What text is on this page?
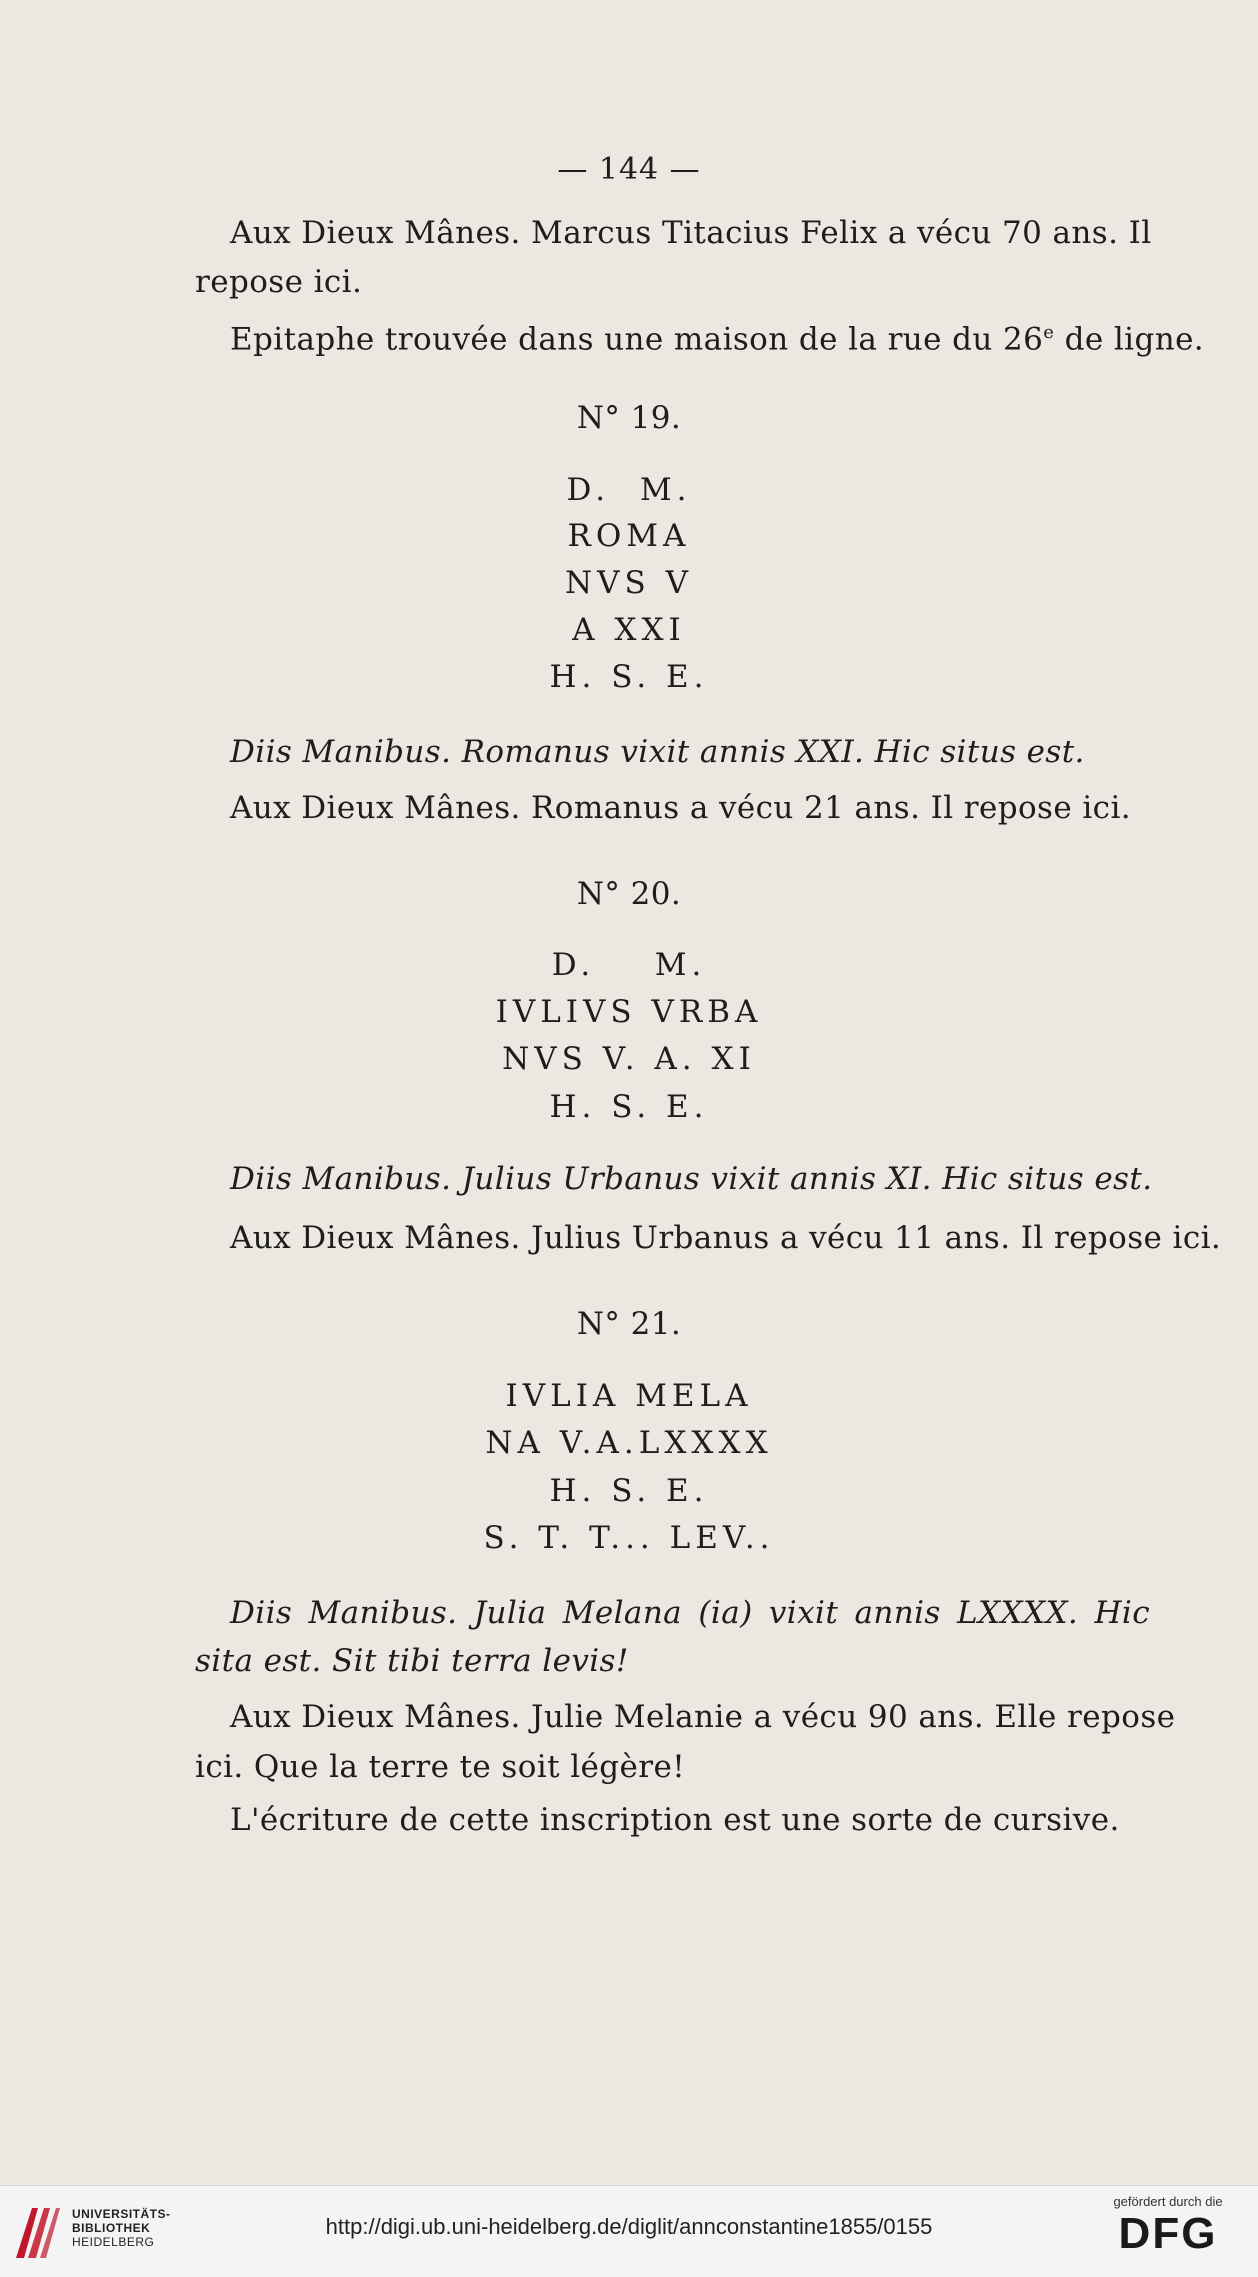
— 144 —

Aux Dieux Mânes. Marcus Titacius Felix a vécu 70 ans. Il

repose ici.

Epitaphe trouvée dans une maison de la rue du 26e de ligne.

N° 19.

D.  M.

ROMA

NVS V

A XXI

H. S. E.

Diis Manibus. Romanus vixit annis XXI. Hic situs est.

Aux Dieux Mânes. Romanus a vécu 21 ans. Il repose ici.

N° 20.

D.    M.

IVLIVS VRBA

NVS V. A. XI

H. S. E.

Diis Manibus. Julius Urbanus vixit annis XI. Hic situs est.

Aux Dieux Mânes. Julius Urbanus a vécu 11 ans. Il repose ici.

N° 21.

IVLIA MELA

NA V.A.LXXXX

H. S. E.

S. T. T... LEV..

Diis Manibus. Julia Melana (ia) vixit annis LXXXX. Hic

sita est. Sit tibi terra levis!

Aux Dieux Mânes. Julie Melanie a vécu 90 ans. Elle repose

ici. Que la terre te soit légère!

L'écriture de cette inscription est une sorte de cursive.

UNIVERSITÄTS-
BIBLIOTHEK
HEIDELBERG
http://digi.ub.uni-heidelberg.de/diglit/annconstantine1855/0155
gefördert durch die
DFG
